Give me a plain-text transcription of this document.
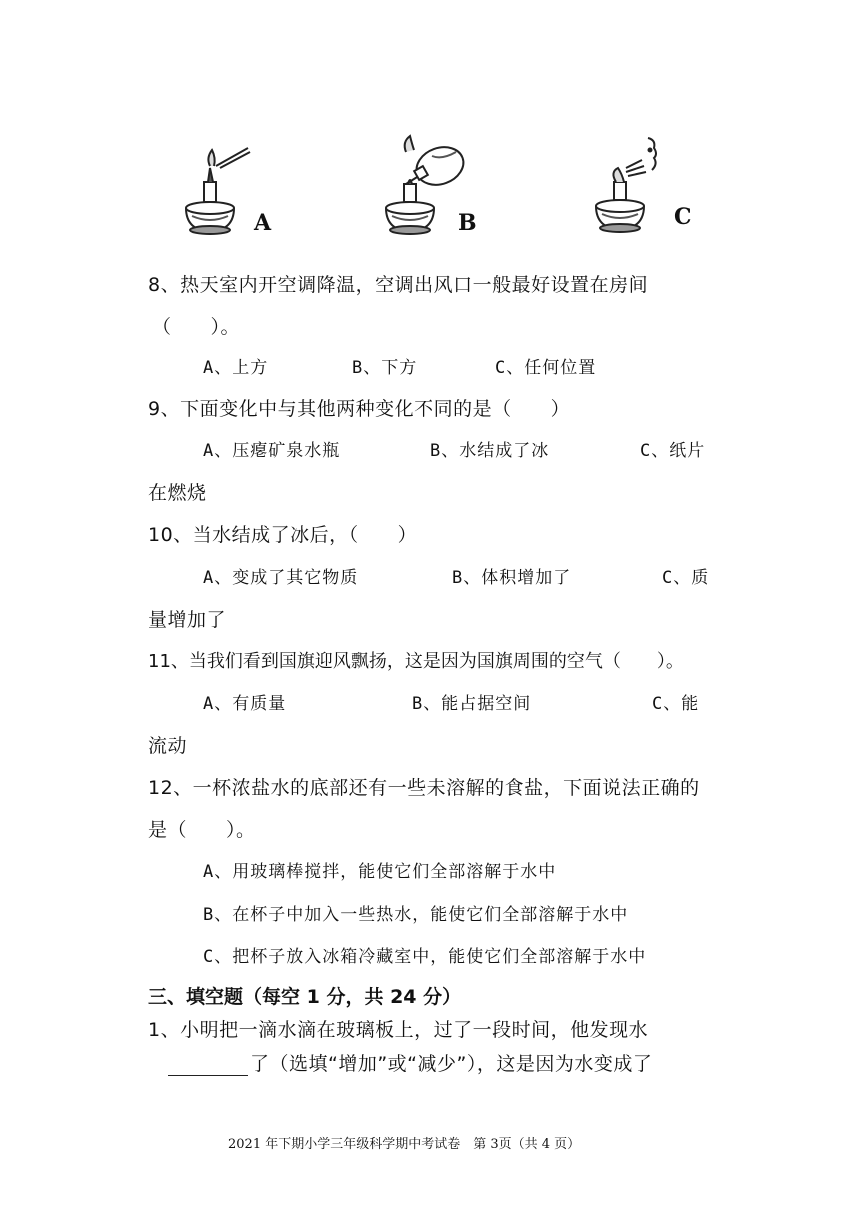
A	B	C
8、热天室内开空调降温，空调出风口一般最好设置在房间
（　　）。
A、上方	B、下方	C、任何位置
9、下面变化中与其他两种变化不同的是（　　）
A、压瘪矿泉水瓶	B、水结成了冰	C、纸片
在燃烧
10、当水结成了冰后，（　　）
A、变成了其它物质	B、体积增加了	C、质
量增加了
11、当我们看到国旗迎风飘扬，这是因为国旗周围的空气（　　）。
A、有质量	B、能占据空间	C、能
流动
12、一杯浓盐水的底部还有一些未溶解的食盐，下面说法正确的
是（　　）。
A、用玻璃棒搅拌，能使它们全部溶解于水中
B、在杯子中加入一些热水，能使它们全部溶解于水中
C、把杯子放入冰箱冷藏室中，能使它们全部溶解于水中
三、填空题（每空 1 分，共 24 分）
1、小明把一滴水滴在玻璃板上，过了一段时间，他发现水
了（选填“增加”或“减少”），这是因为水变成了
2021 年下期小学三年级科学期中考试卷　第 3页（共 4 页）
